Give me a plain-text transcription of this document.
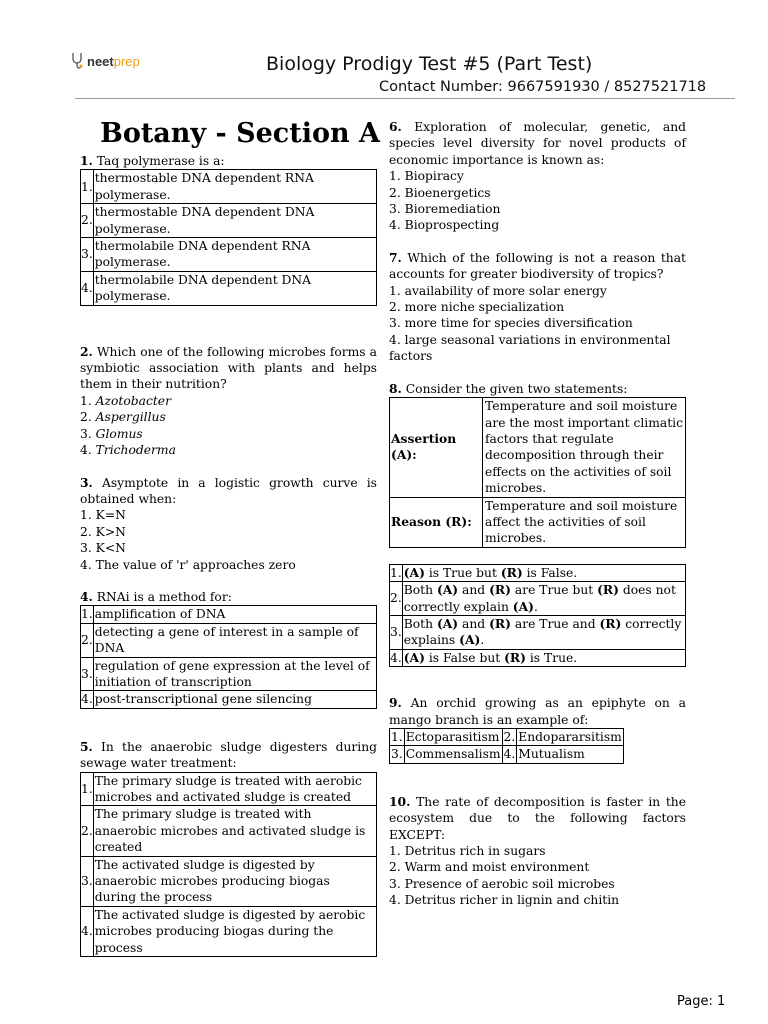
neet prep	Biology Prodigy Test #5 (Part Test)
Contact Number: 9667591930 / 8527521718
Botany - Section A

1. Taq polymerase is a:

1.	thermostable DNA dependent RNA polymerase.
2.	thermostable DNA dependent DNA polymerase.
3.	thermolabile DNA dependent RNA polymerase.
4.	thermolabile DNA dependent DNA polymerase.

2. Which one of the following microbes forms a symbiotic association with plants and helps them in their nutrition?

1. Azotobacter
2. Aspergillus
3. Glomus
4. Trichoderma

3. Asymptote in a logistic growth curve is obtained when:

1. K=N
2. K>N
3. K<N
4. The value of 'r' approaches zero

4. RNAi is a method for:

1.	amplification of DNA
2.	detecting a gene of interest in a sample of DNA
3.	regulation of gene expression at the level of initiation of transcription
4.	post-transcriptional gene silencing

5. In the anaerobic sludge digesters during sewage water treatment:

1.	The primary sludge is treated with aerobic microbes and activated sludge is created
2.	The primary sludge is treated with anaerobic microbes and activated sludge is created
3.	The activated sludge is digested by anaerobic microbes producing biogas during the process
4.	The activated sludge is digested by aerobic microbes producing biogas during the process

6. Exploration of molecular, genetic, and species level diversity for novel products of economic importance is known as:

1. Biopiracy
2. Bioenergetics
3. Bioremediation
4. Bioprospecting

7. Which of the following is not a reason that accounts for greater biodiversity of tropics?

1. availability of more solar energy
2. more niche specialization
3. more time for species diversification
4. large seasonal variations in environmental factors

8. Consider the given two statements:

Assertion (A):	Temperature and soil moisture are the most important climatic factors that regulate decomposition through their effects on the activities of soil microbes.
Reason (R):	Temperature and soil moisture affect the activities of soil microbes.
1.	(A) is True but (R) is False.
2.	Both (A) and (R) are True but (R) does not correctly explain (A).
3.	Both (A) and (R) are True and (R) correctly explains (A).
4.	(A) is False but (R) is True.

9. An orchid growing as an epiphyte on a mango branch is an example of:

1.	Ectoparasitism	2.	Endopararsitism
3.	Commensalism	4.	Mutualism

10. The rate of decomposition is faster in the ecosystem due to the following factors EXCEPT:

1. Detritus rich in sugars
2. Warm and moist environment
3. Presence of aerobic soil microbes
4. Detritus richer in lignin and chitin
Page: 1
